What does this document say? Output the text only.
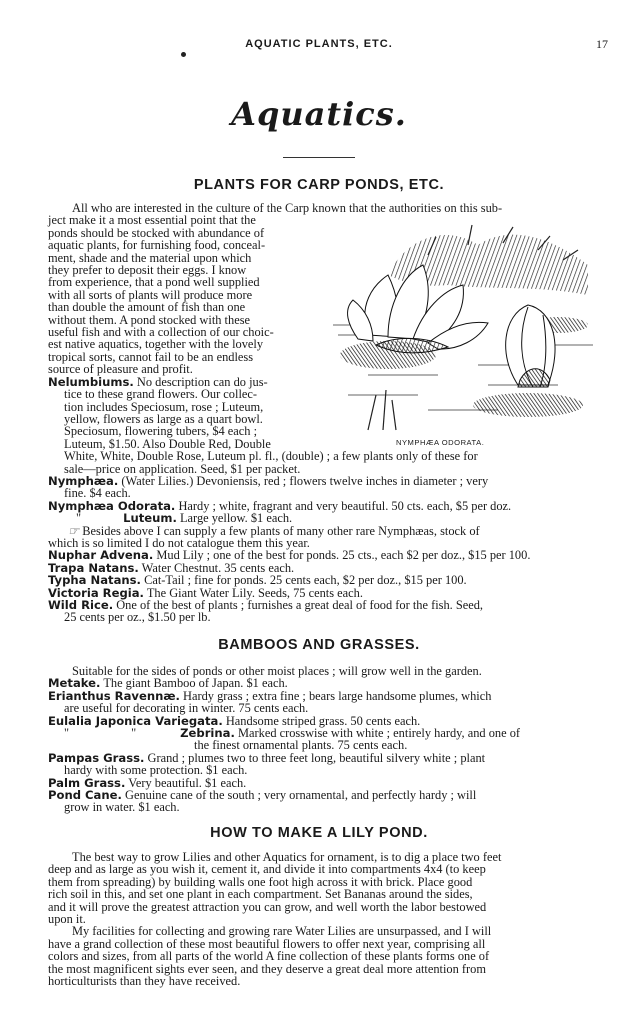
AQUATIC PLANTS, ETC.	17
Aquatics.
PLANTS FOR CARP PONDS, ETC.
NYMPHÆA ODORATA.

All who are interested in the culture of the Carp known that the authorities on this sub-

ject make it a most essential point that the

ponds should be stocked with abundance of

aquatic plants, for furnishing food, conceal-

ment, shade and the material upon which

they prefer to deposit their eggs. I know

from experience, that a pond well supplied

with all sorts of plants will produce more

than double the amount of fish than one

without them. A pond stocked with these

useful fish and with a collection of our choic-

est native aquatics, together with the lovely

tropical sorts, cannot fail to be an endless

source of pleasure and profit.

Nelumbiums. No description can do jus-

tice to these grand flowers. Our collec-

tion includes Speciosum, rose ; Luteum,

yellow, flowers as large as a quart bowl.

Speciosum, flowering tubers, $4 each ;

Luteum, $1.50. Also Double Red, Double

White, White, Double Rose, Luteum pl. fl., (double) ; a few plants only of these for

sale—price on application. Seed, $1 per packet.

Nymphæa. (Water Lilies.) Devoniensis, red ; flowers twelve inches in diameter ; very

fine. $4 each.

Nymphæa Odorata. Hardy ; white, fragrant and very beautiful. 50 cts. each, $5 per doz.

"	Luteum. Large yellow. $1 each.

☞ Besides above I can supply a few plants of many other rare Nymphæas, stock of

which is so limited I do not catalogue them this year.

Nuphar Advena. Mud Lily ; one of the best for ponds. 25 cts., each $2 per doz., $15 per 100.

Trapa Natans. Water Chestnut. 35 cents each.

Typha Natans. Cat-Tail ; fine for ponds. 25 cents each, $2 per doz., $15 per 100.

Victoria Regia. The Giant Water Lily. Seeds, 75 cents each.

Wild Rice. One of the best of plants ; furnishes a great deal of food for the fish. Seed,

25 cents per oz., $1.50 per lb.

BAMBOOS AND GRASSES.

Suitable for the sides of ponds or other moist places ; will grow well in the garden.

Metake. The giant Bamboo of Japan. $1 each.

Erianthus Ravennæ. Hardy grass ; extra fine ; bears large handsome plumes, which

are useful for decorating in winter. 75 cents each.

Eulalia Japonica Variegata. Handsome striped grass. 50 cents each.

"	"	Zebrina. Marked crosswise with white ; entirely hardy, and one of

the finest ornamental plants. 75 cents each.

Pampas Grass. Grand ; plumes two to three feet long, beautiful silvery white ; plant

hardy with some protection. $1 each.

Palm Grass. Very beautiful. $1 each.

Pond Cane. Genuine cane of the south ; very ornamental, and perfectly hardy ; will

grow in water. $1 each.

HOW TO MAKE A LILY POND.

The best way to grow Lilies and other Aquatics for ornament, is to dig a place two feet

deep and as large as you wish it, cement it, and divide it into compartments 4x4 (to keep

them from spreading) by building walls one foot high across it with brick. Place good

rich soil in this, and set one plant in each compartment. Set Bananas around the sides,

and it will prove the greatest attraction you can grow, and well worth the labor bestowed

upon it.

My facilities for collecting and growing rare Water Lilies are unsurpassed, and I will

have a grand collection of these most beautiful flowers to offer next year, comprising all

colors and sizes, from all parts of the world A fine collection of these plants forms one of

the most magnificent sights ever seen, and they deserve a great deal more attention from

horticulturists than they have received.
